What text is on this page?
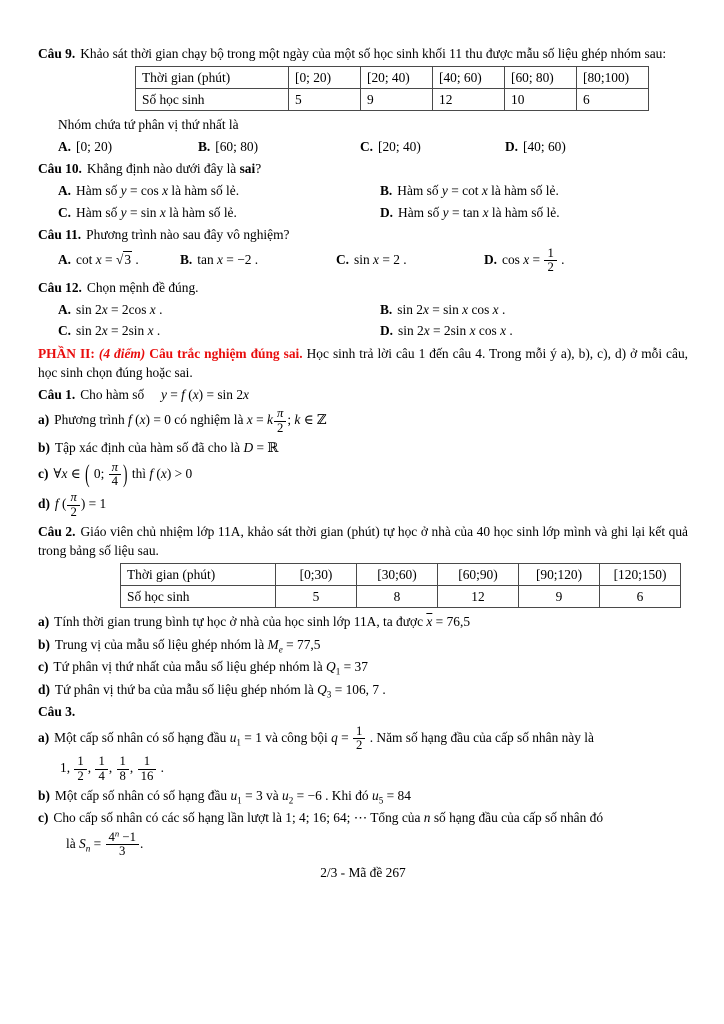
Câu 9. Khảo sát thời gian chạy bộ trong một ngày của một số học sinh khối 11 thu được mẫu số liệu ghép nhóm sau:

Thời gian (phút)	[0; 20)	[20; 40)	[40; 60)	[60; 80)	[80;100)
Số học sinh	5	9	12	10	6

Nhóm chứa tứ phân vị thứ nhất là

A. [0; 20)	B. [60; 80)	C. [20; 40)	D. [40; 60)

Câu 10. Khẳng định nào dưới đây là sai?

A. Hàm số y = cos x là hàm số lẻ.	B. Hàm số y = cot x là hàm số lẻ.
C. Hàm số y = sin x là hàm số lẻ.	D. Hàm số y = tan x là hàm số lẻ.

Câu 11. Phương trình nào sau đây vô nghiệm?

A. cot x = √3 .	B. tan x = −2 .	C. sin x = 2 .	D. $\cos x = \frac{1}{2}$ .

Câu 12. Chọn mệnh đề đúng.

A. sin 2x = 2cos x .	B. sin 2x = sin x cos x .
C. sin 2x = 2sin x .	D. sin 2x = 2sin x cos x .

PHẦN II: (4 điểm) Câu trắc nghiệm đúng sai. Học sinh trả lời câu 1 đến câu 4. Trong mỗi ý a), b), c), d) ở mỗi câu, học sinh chọn đúng hoặc sai.

Câu 1. Cho hàm số     y = f (x) = sin 2x

a) Phương trình f (x) = 0 có nghiệm là x = k $\frac{\pi}{2}$ ; k ∈ ℤ

b) Tập xác định của hàm số đã cho là D = ℝ

c) ∀x ∈ ( 0; $\frac{\pi}{4}$ ) thì f (x) > 0

d) f ( $\frac{\pi}{2}$ ) = 1

Câu 2. Giáo viên chủ nhiệm lớp 11A, khảo sát thời gian (phút) tự học ở nhà của 40 học sinh lớp mình và ghi lại kết quả trong bảng số liệu sau.

Thời gian (phút)	[0;30)	[30;60)	[60;90)	[90;120)	[120;150)
Số học sinh	5	8	12	9	6

a) Tính thời gian trung bình tự học ở nhà của học sinh lớp 11A, ta được $\overline{x} = 76,5$

b) Trung vị của mẫu số liệu ghép nhóm là $M_e = 77,5$

c) Tứ phân vị thứ nhất của mẫu số liệu ghép nhóm là $Q_1 = 37$

d) Tứ phân vị thứ ba của mẫu số liệu ghép nhóm là $Q_3 = 106$, 7 .

Câu 3.

a) Một cấp số nhân có số hạng đầu $u_1 = 1$ và công bội $q = \frac{1}{2}$ . Năm số hạng đầu của cấp số nhân này là

1, $\frac{1}{2}$ , $\frac{1}{4}$ , $\frac{1}{8}$ , $\frac{1}{16}$ .

b) Một cấp số nhân có số hạng đầu $u_1 = 3$ và $u_2 = -6$ . Khi đó $u_5 = 84$

c) Cho cấp số nhân có các số hạng lần lượt là 1; 4; 16; 64; ⋯ Tổng của n số hạng đầu của cấp số nhân đó

là $S_n = \frac{4^n -1}{3}$ .

2/3 - Mã đề 267
